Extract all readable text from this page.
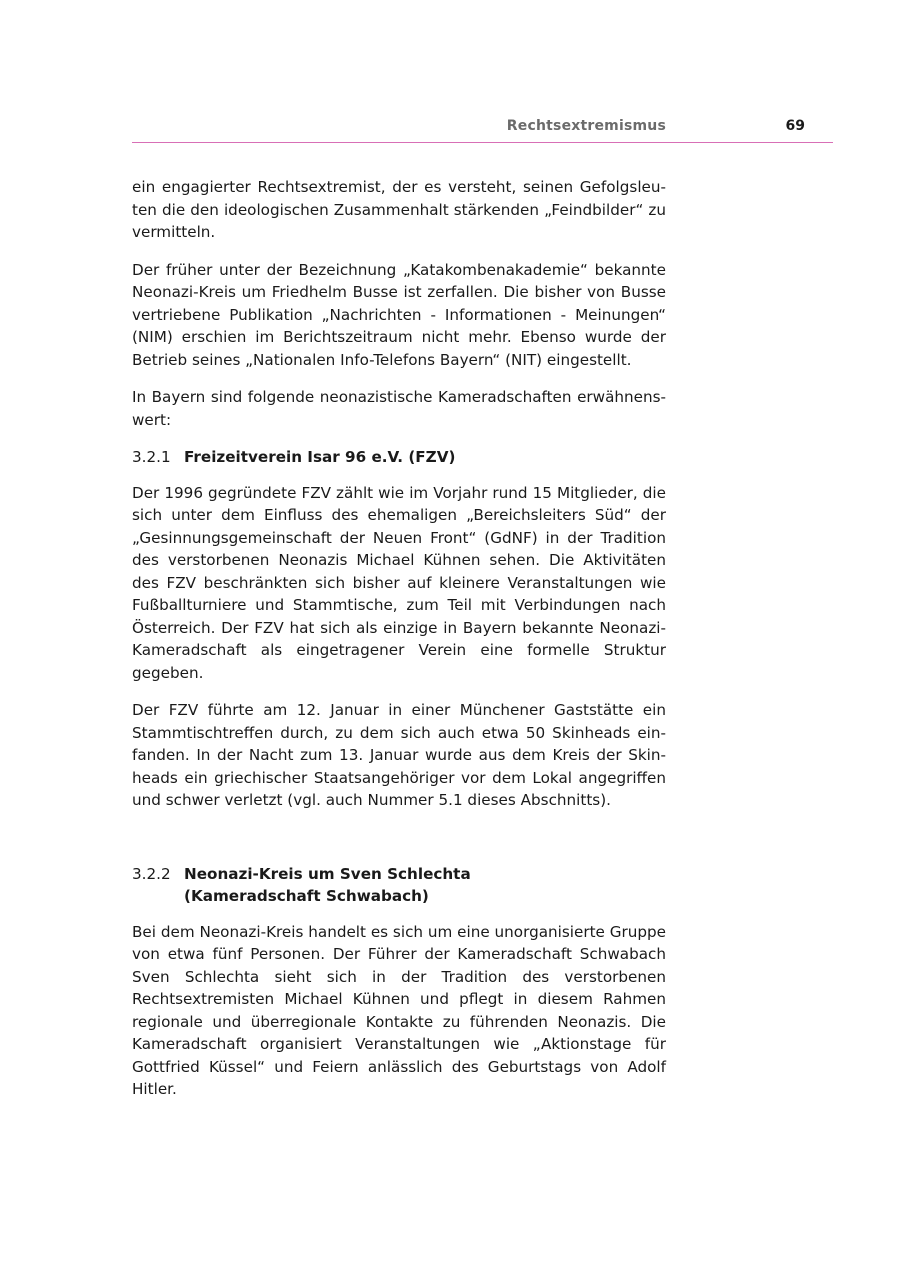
Rechtsextremismus	69

ein engagierter Rechtsextremist, der es versteht, seinen Gefolgsleuten die den ideologischen Zusammenhalt stärkenden „Feindbilder“ zu vermitteln.

Der früher unter der Bezeichnung „Katakombenakademie“ bekannte Neonazi-Kreis um Friedhelm Busse ist zerfallen. Die bisher von Busse vertriebene Publikation „Nachrichten - Informationen - Meinungen“ (NIM) erschien im Berichtszeitraum nicht mehr. Ebenso wurde der Betrieb seines „Nationalen Info-Telefons Bayern“ (NIT) eingestellt.

In Bayern sind folgende neonazistische Kameradschaften erwähnenswert:

3.2.1 Freizeitverein Isar 96 e.V. (FZV)

Der 1996 gegründete FZV zählt wie im Vorjahr rund 15 Mitglieder, die sich unter dem Einfluss des ehemaligen „Bereichsleiters Süd“ der „Gesinnungsgemeinschaft der Neuen Front“ (GdNF) in der Tradition des verstorbenen Neonazis Michael Kühnen sehen. Die Aktivitäten des FZV beschränkten sich bisher auf kleinere Veranstaltungen wie Fußballturniere und Stammtische, zum Teil mit Verbindungen nach Österreich. Der FZV hat sich als einzige in Bayern bekannte Neonazi-Kameradschaft als eingetragener Verein eine formelle Struktur gegeben.

Der FZV führte am 12. Januar in einer Münchener Gaststätte ein Stammtischtreffen durch, zu dem sich auch etwa 50 Skinheads einfanden. In der Nacht zum 13. Januar wurde aus dem Kreis der Skinheads ein griechischer Staatsangehöriger vor dem Lokal angegriffen und schwer verletzt (vgl. auch Nummer 5.1 dieses Abschnitts).

3.2.2 Neonazi-Kreis um Sven Schlechta
(Kameradschaft Schwabach)

Bei dem Neonazi-Kreis handelt es sich um eine unorganisierte Gruppe von etwa fünf Personen. Der Führer der Kameradschaft Schwabach Sven Schlechta sieht sich in der Tradition des verstorbenen Rechtsextremisten Michael Kühnen und pflegt in diesem Rahmen regionale und überregionale Kontakte zu führenden Neonazis. Die Kameradschaft organisiert Veranstaltungen wie „Aktionstage für Gottfried Küssel“ und Feiern anlässlich des Geburtstags von Adolf Hitler.
